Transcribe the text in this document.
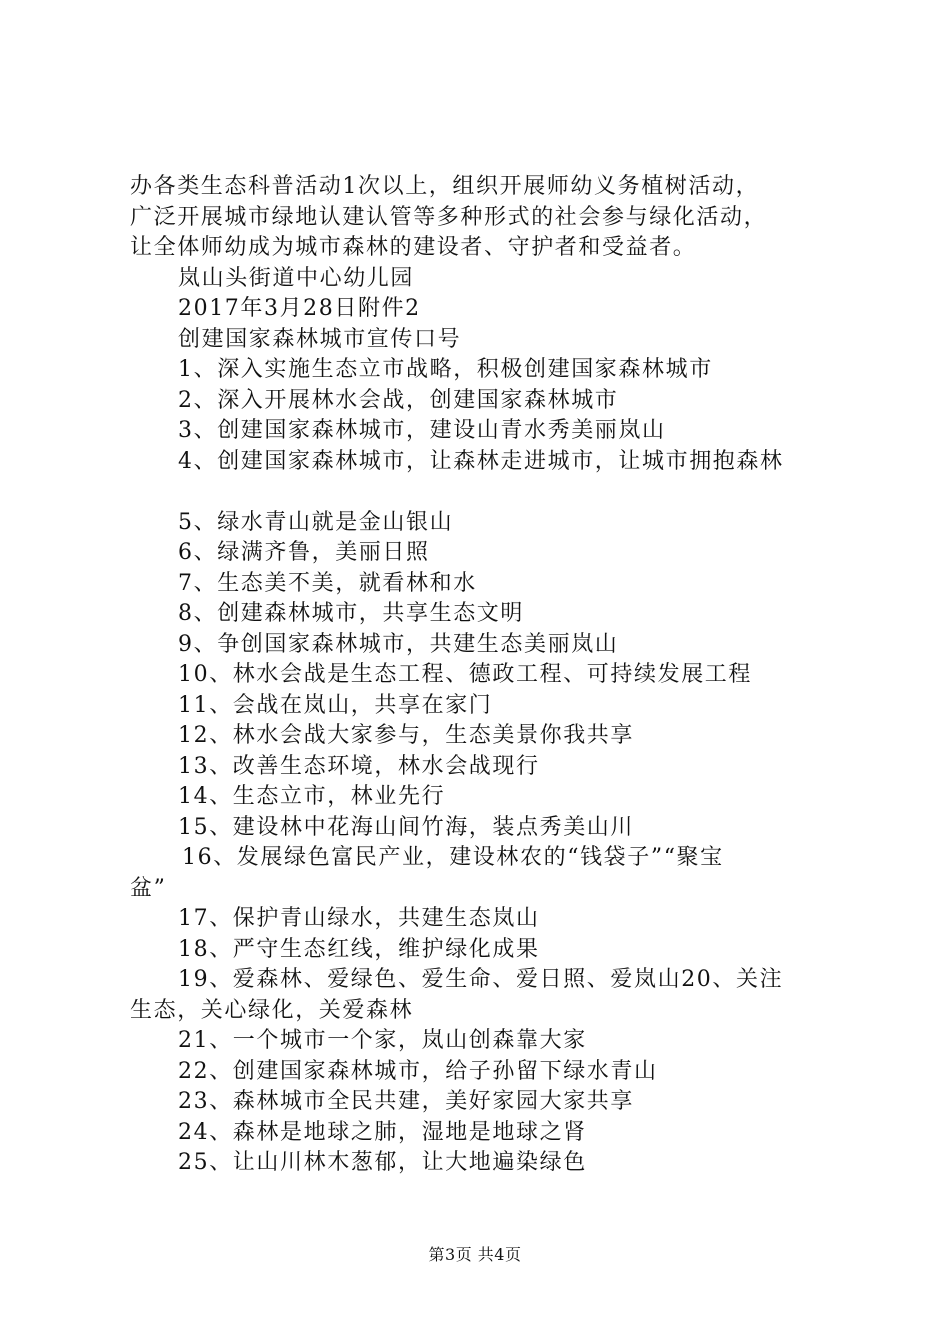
办各类生态科普活动1次以上，组织开展师幼义务植树活动，
广泛开展城市绿地认建认管等多种形式的社会参与绿化活动，
让全体师幼成为城市森林的建设者、守护者和受益者。
岚山头街道中心幼儿园
2017年3月28日附件2
创建国家森林城市宣传口号
1、深入实施生态立市战略，积极创建国家森林城市
2、深入开展林水会战，创建国家森林城市
3、创建国家森林城市，建设山青水秀美丽岚山
4、创建国家森林城市，让森林走进城市，让城市拥抱森林
5、绿水青山就是金山银山
6、绿满齐鲁，美丽日照
7、生态美不美，就看林和水
8、创建森林城市，共享生态文明
9、争创国家森林城市，共建生态美丽岚山
10、林水会战是生态工程、德政工程、可持续发展工程
11、会战在岚山，共享在家门
12、林水会战大家参与，生态美景你我共享
13、改善生态环境，林水会战现行
14、生态立市，林业先行
15、建设林中花海山间竹海，装点秀美山川
16、发展绿色富民产业，建设林农的“钱袋子”“聚宝
盆”
17、保护青山绿水，共建生态岚山
18、严守生态红线，维护绿化成果
19、爱森林、爱绿色、爱生命、爱日照、爱岚山20、关注
生态，关心绿化，关爱森林
21、一个城市一个家，岚山创森靠大家
22、创建国家森林城市，给子孙留下绿水青山
23、森林城市全民共建，美好家园大家共享
24、森林是地球之肺，湿地是地球之肾
25、让山川林木葱郁，让大地遍染绿色
第3页 共4页
